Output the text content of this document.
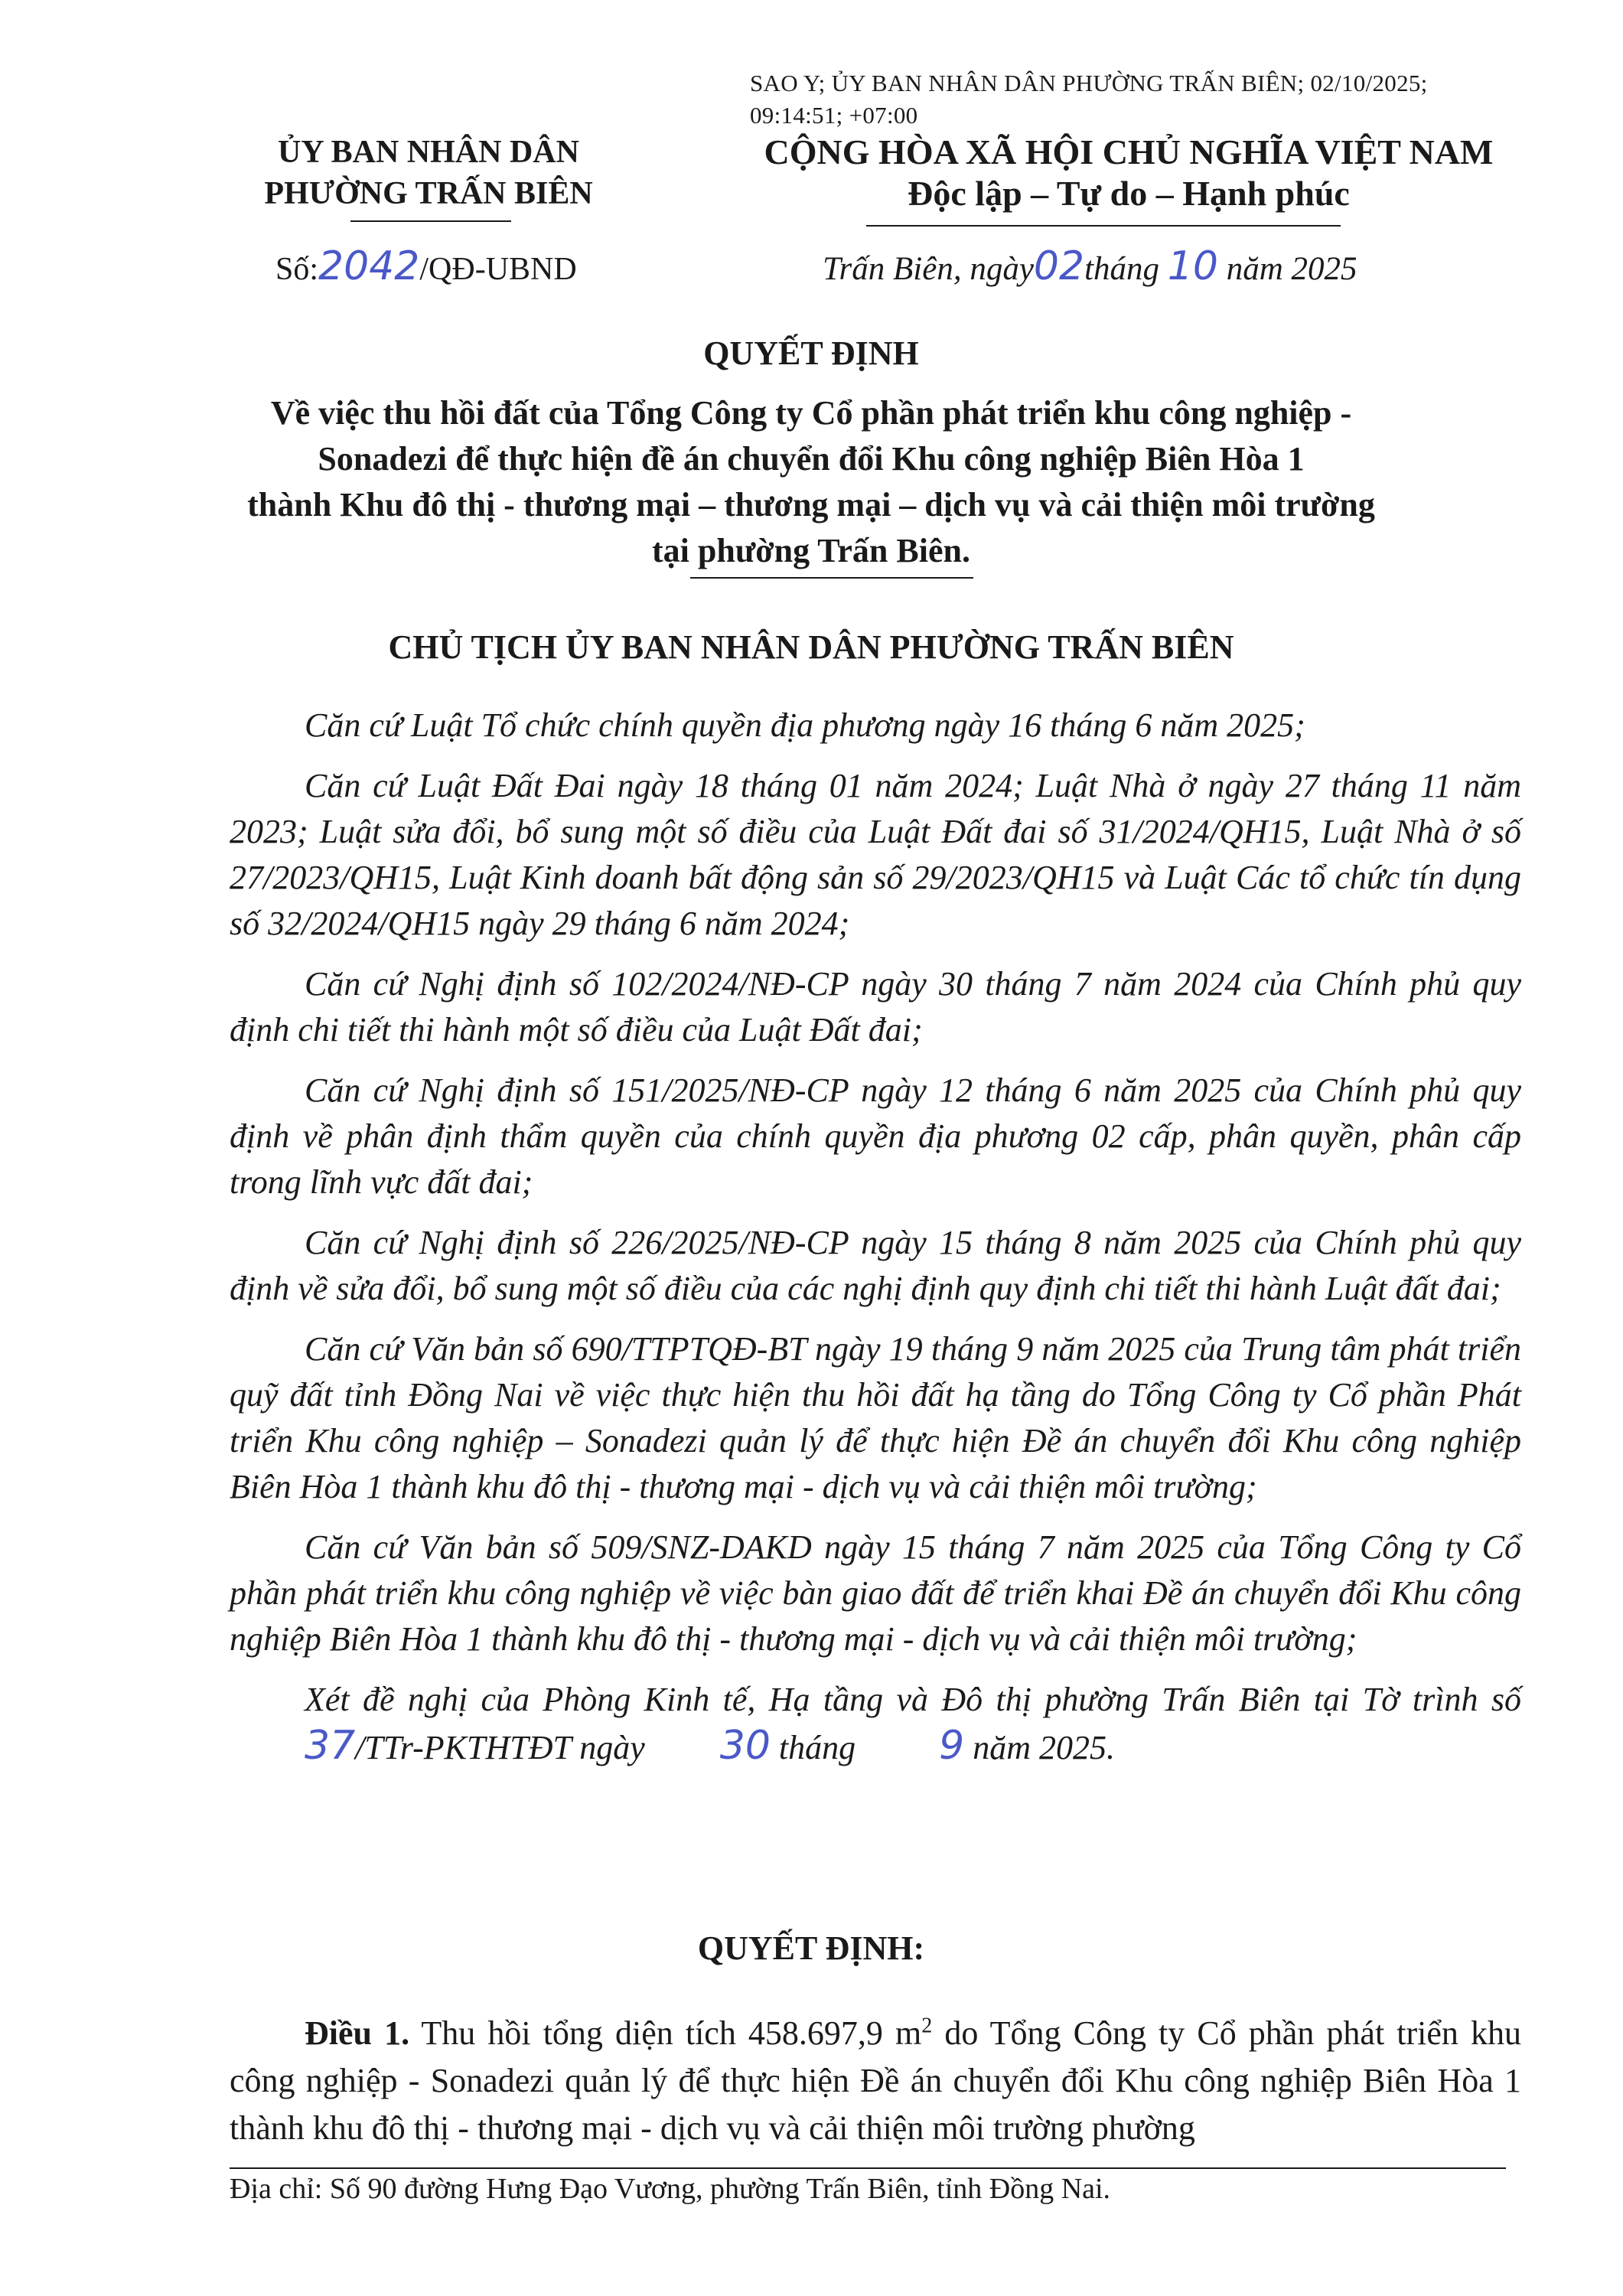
SAO Y; ỦY BAN NHÂN DÂN PHƯỜNG TRẤN BIÊN; 02/10/2025;
09:14:51; +07:00
ỦY BAN NHÂN DÂN
PHƯỜNG TRẤN BIÊN
Số:2042/QĐ-UBND
CỘNG HÒA XÃ HỘI CHỦ NGHĨA VIỆT NAM
Độc lập – Tự do – Hạnh phúc
Trấn Biên, ngày02tháng 10 năm 2025
QUYẾT ĐỊNH
Về việc thu hồi đất của Tổng Công ty Cổ phần phát triển khu công nghiệp -
Sonadezi để thực hiện đề án chuyển đổi Khu công nghiệp Biên Hòa 1
thành Khu đô thị - thương mại – thương mại – dịch vụ và cải thiện môi trường
tại phường Trấn Biên.
CHỦ TỊCH ỦY BAN NHÂN DÂN PHƯỜNG TRẤN BIÊN

Căn cứ Luật Tổ chức chính quyền địa phương ngày 16 tháng 6 năm 2025;

Căn cứ Luật Đất Đai ngày 18 tháng 01 năm 2024; Luật Nhà ở ngày 27 tháng 11 năm 2023; Luật sửa đổi, bổ sung một số điều của Luật Đất đai số 31/2024/QH15, Luật Nhà ở số 27/2023/QH15, Luật Kinh doanh bất động sản số 29/2023/QH15 và Luật Các tổ chức tín dụng số 32/2024/QH15 ngày 29 tháng 6 năm 2024;

Căn cứ Nghị định số 102/2024/NĐ-CP ngày 30 tháng 7 năm 2024 của Chính phủ quy định chi tiết thi hành một số điều của Luật Đất đai;

Căn cứ Nghị định số 151/2025/NĐ-CP ngày 12 tháng 6 năm 2025 của Chính phủ quy định về phân định thẩm quyền của chính quyền địa phương 02 cấp, phân quyền, phân cấp trong lĩnh vực đất đai;

Căn cứ Nghị định số 226/2025/NĐ-CP ngày 15 tháng 8 năm 2025 của Chính phủ quy định về sửa đổi, bổ sung một số điều của các nghị định quy định chi tiết thi hành Luật đất đai;

Căn cứ Văn bản số 690/TTPTQĐ-BT ngày 19 tháng 9 năm 2025 của Trung tâm phát triển quỹ đất tỉnh Đồng Nai về việc thực hiện thu hồi đất hạ tầng do Tổng Công ty Cổ phần Phát triển Khu công nghiệp – Sonadezi quản lý để thực hiện Đề án chuyển đổi Khu công nghiệp Biên Hòa 1 thành khu đô thị - thương mại - dịch vụ và cải thiện môi trường;

Căn cứ Văn bản số 509/SNZ-DAKD ngày 15 tháng 7 năm 2025 của Tổng Công ty Cổ phần phát triển khu công nghiệp về việc bàn giao đất để triển khai Đề án chuyển đổi Khu công nghiệp Biên Hòa 1 thành khu đô thị - thương mại - dịch vụ và cải thiện môi trường;

Xét đề nghị của Phòng Kinh tế, Hạ tầng và Đô thị phường Trấn Biên tại Tờ trình số37/TTr-PKTHTĐT ngày 30 tháng 9 năm 2025.

QUYẾT ĐỊNH:

Điều 1. Thu hồi tổng diện tích 458.697,9 $m^2$ do Tổng Công ty Cổ phần phát triển khu công nghiệp - Sonadezi quản lý để thực hiện Đề án chuyển đổi Khu công nghiệp Biên Hòa 1 thành khu đô thị - thương mại - dịch vụ và cải thiện môi trường phường

Địa chỉ: Số 90 đường Hưng Đạo Vương, phường Trấn Biên, tỉnh Đồng Nai.
